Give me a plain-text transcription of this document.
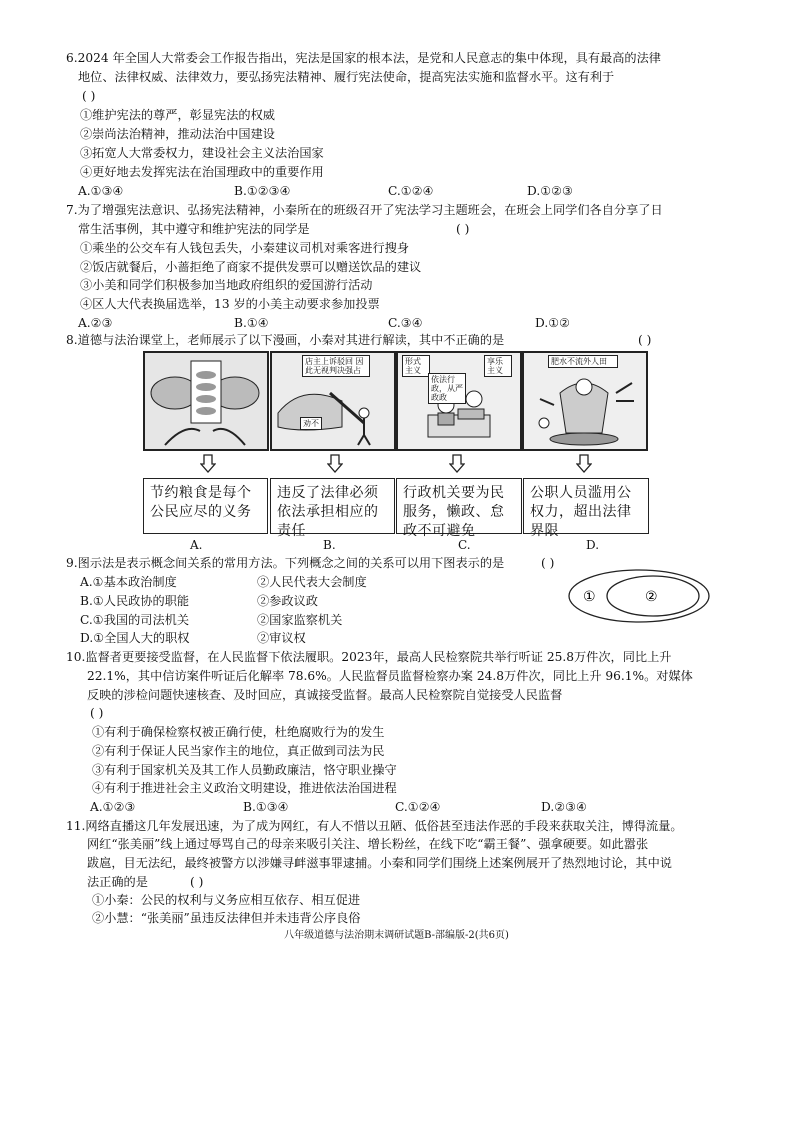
6.2024 年全国人大常委会工作报告指出，宪法是国家的根本法，是党和人民意志的集中体现，具有最高的法律
地位、法律权威、法律效力，要弘扬宪法精神、履行宪法使命，提高宪法实施和监督水平。这有利于
( )
①维护宪法的尊严，彰显宪法的权威
②崇尚法治精神，推动法治中国建设
③拓宽人大常委权力，建设社会主义法治国家
④更好地去发挥宪法在治国理政中的重要作用
A.①③④	B.①②③④	C.①②④	D.①②③
7.为了增强宪法意识、弘扬宪法精神，小秦所在的班级召开了宪法学习主题班会，在班会上同学们各自分享了日
常生活事例，其中遵守和维护宪法的同学是	( )
①乘坐的公交车有人钱包丢失，小秦建议司机对乘客进行搜身
②饭店就餐后，小蔷拒绝了商家不提供发票可以赠送饮品的建议
③小美和同学们积极参加当地政府组织的爱国游行活动
④区人大代表换届选举，13 岁的小美主动要求参加投票
A.②③	B.①④	C.③④	D.①②
8.道德与法治课堂上，老师展示了以下漫画，小秦对其进行解读，其中不正确的是	( )
店主上诉驳回 因此无视判决强占
劝不
形式主义
依法行政，从严政政
享乐主义
肥水不流外人田
节约粮食是每个公民应尽的义务
违反了法律必须依法承担相应的责任
行政机关要为民服务，懒政、怠政不可避免
公职人员滥用公权力，超出法律界限
A.	B.	C.	D.
9.图示法是表示概念间关系的常用方法。下列概念之间的关系可以用下图表示的是	( )
A.①基本政治制度	②人民代表大会制度
B.①人民政协的职能	②参政议政
C.①我国的司法机关	②国家监察机关
D.①全国人大的职权	②审议权
①	②
10.监督者更要接受监督，在人民监督下依法履职。2023年，最高人民检察院共举行听证 25.8万件次，同比上升
22.1%，其中信访案件听证后化解率 78.6%。人民监督员监督检察办案 24.8万件次，同比上升 96.1%。对媒体
反映的涉检问题快速核查、及时回应，真诚接受监督。最高人民检察院自觉接受人民监督
( )
①有利于确保检察权被正确行使，杜绝腐败行为的发生
②有利于保证人民当家作主的地位，真正做到司法为民
③有利于国家机关及其工作人员勤政廉洁，恪守职业操守
④有利于推进社会主义政治文明建设，推进依法治国进程
A.①②③	B.①③④	C.①②④	D.②③④
11.网络直播这几年发展迅速，为了成为网红，有人不惜以丑陋、低俗甚至违法作恶的手段来获取关注，博得流量。
网红“张美丽”线上通过辱骂自己的母亲来吸引关注、增长粉丝，在线下吃“霸王餐”、强拿硬要。如此嚣张
跋扈，目无法纪，最终被警方以涉嫌寻衅滋事罪逮捕。小秦和同学们围绕上述案例展开了热烈地讨论，其中说
法正确的是	( )
①小秦：公民的权利与义务应相互依存、相互促进
②小慧：“张美丽”虽违反法律但并未违背公序良俗
八年级道德与法治期末调研试题B-部编版-2(共6页)
